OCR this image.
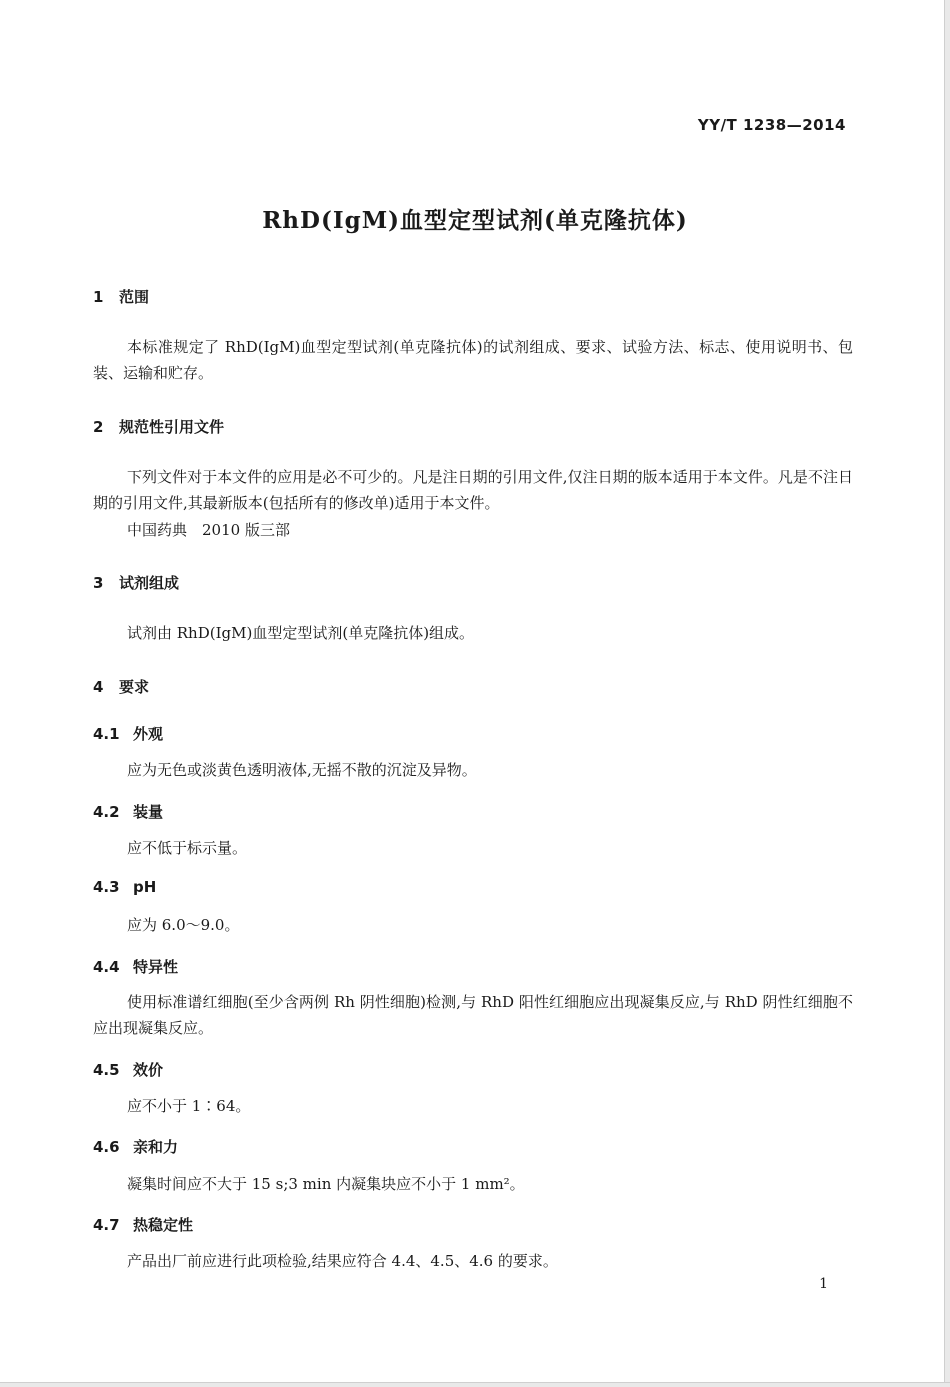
YY/T 1238—2014
RhD(IgM)血型定型试剂(单克隆抗体)
1 范围

本标准规定了 RhD(IgM)血型定型试剂(单克隆抗体)的试剂组成、要求、试验方法、标志、使用说明书、包装、运输和贮存。

2 规范性引用文件

下列文件对于本文件的应用是必不可少的。凡是注日期的引用文件,仅注日期的版本适用于本文件。凡是不注日期的引用文件,其最新版本(包括所有的修改单)适用于本文件。

中国药典　2010 版三部

3 试剂组成

试剂由 RhD(IgM)血型定型试剂(单克隆抗体)组成。

4 要求
4.1 外观

应为无色或淡黄色透明液体,无摇不散的沉淀及异物。

4.2 装量

应不低于标示量。

4.3 pH

应为 6.0～9.0。

4.4 特异性

使用标准谱红细胞(至少含两例 Rh 阴性细胞)检测,与 RhD 阳性红细胞应出现凝集反应,与 RhD 阴性红细胞不应出现凝集反应。

4.5 效价

应不小于 1∶64。

4.6 亲和力

凝集时间应不大于 15 s;3 min 内凝集块应不小于 1 mm²。

4.7 热稳定性

产品出厂前应进行此项检验,结果应符合 4.4、4.5、4.6 的要求。

1
